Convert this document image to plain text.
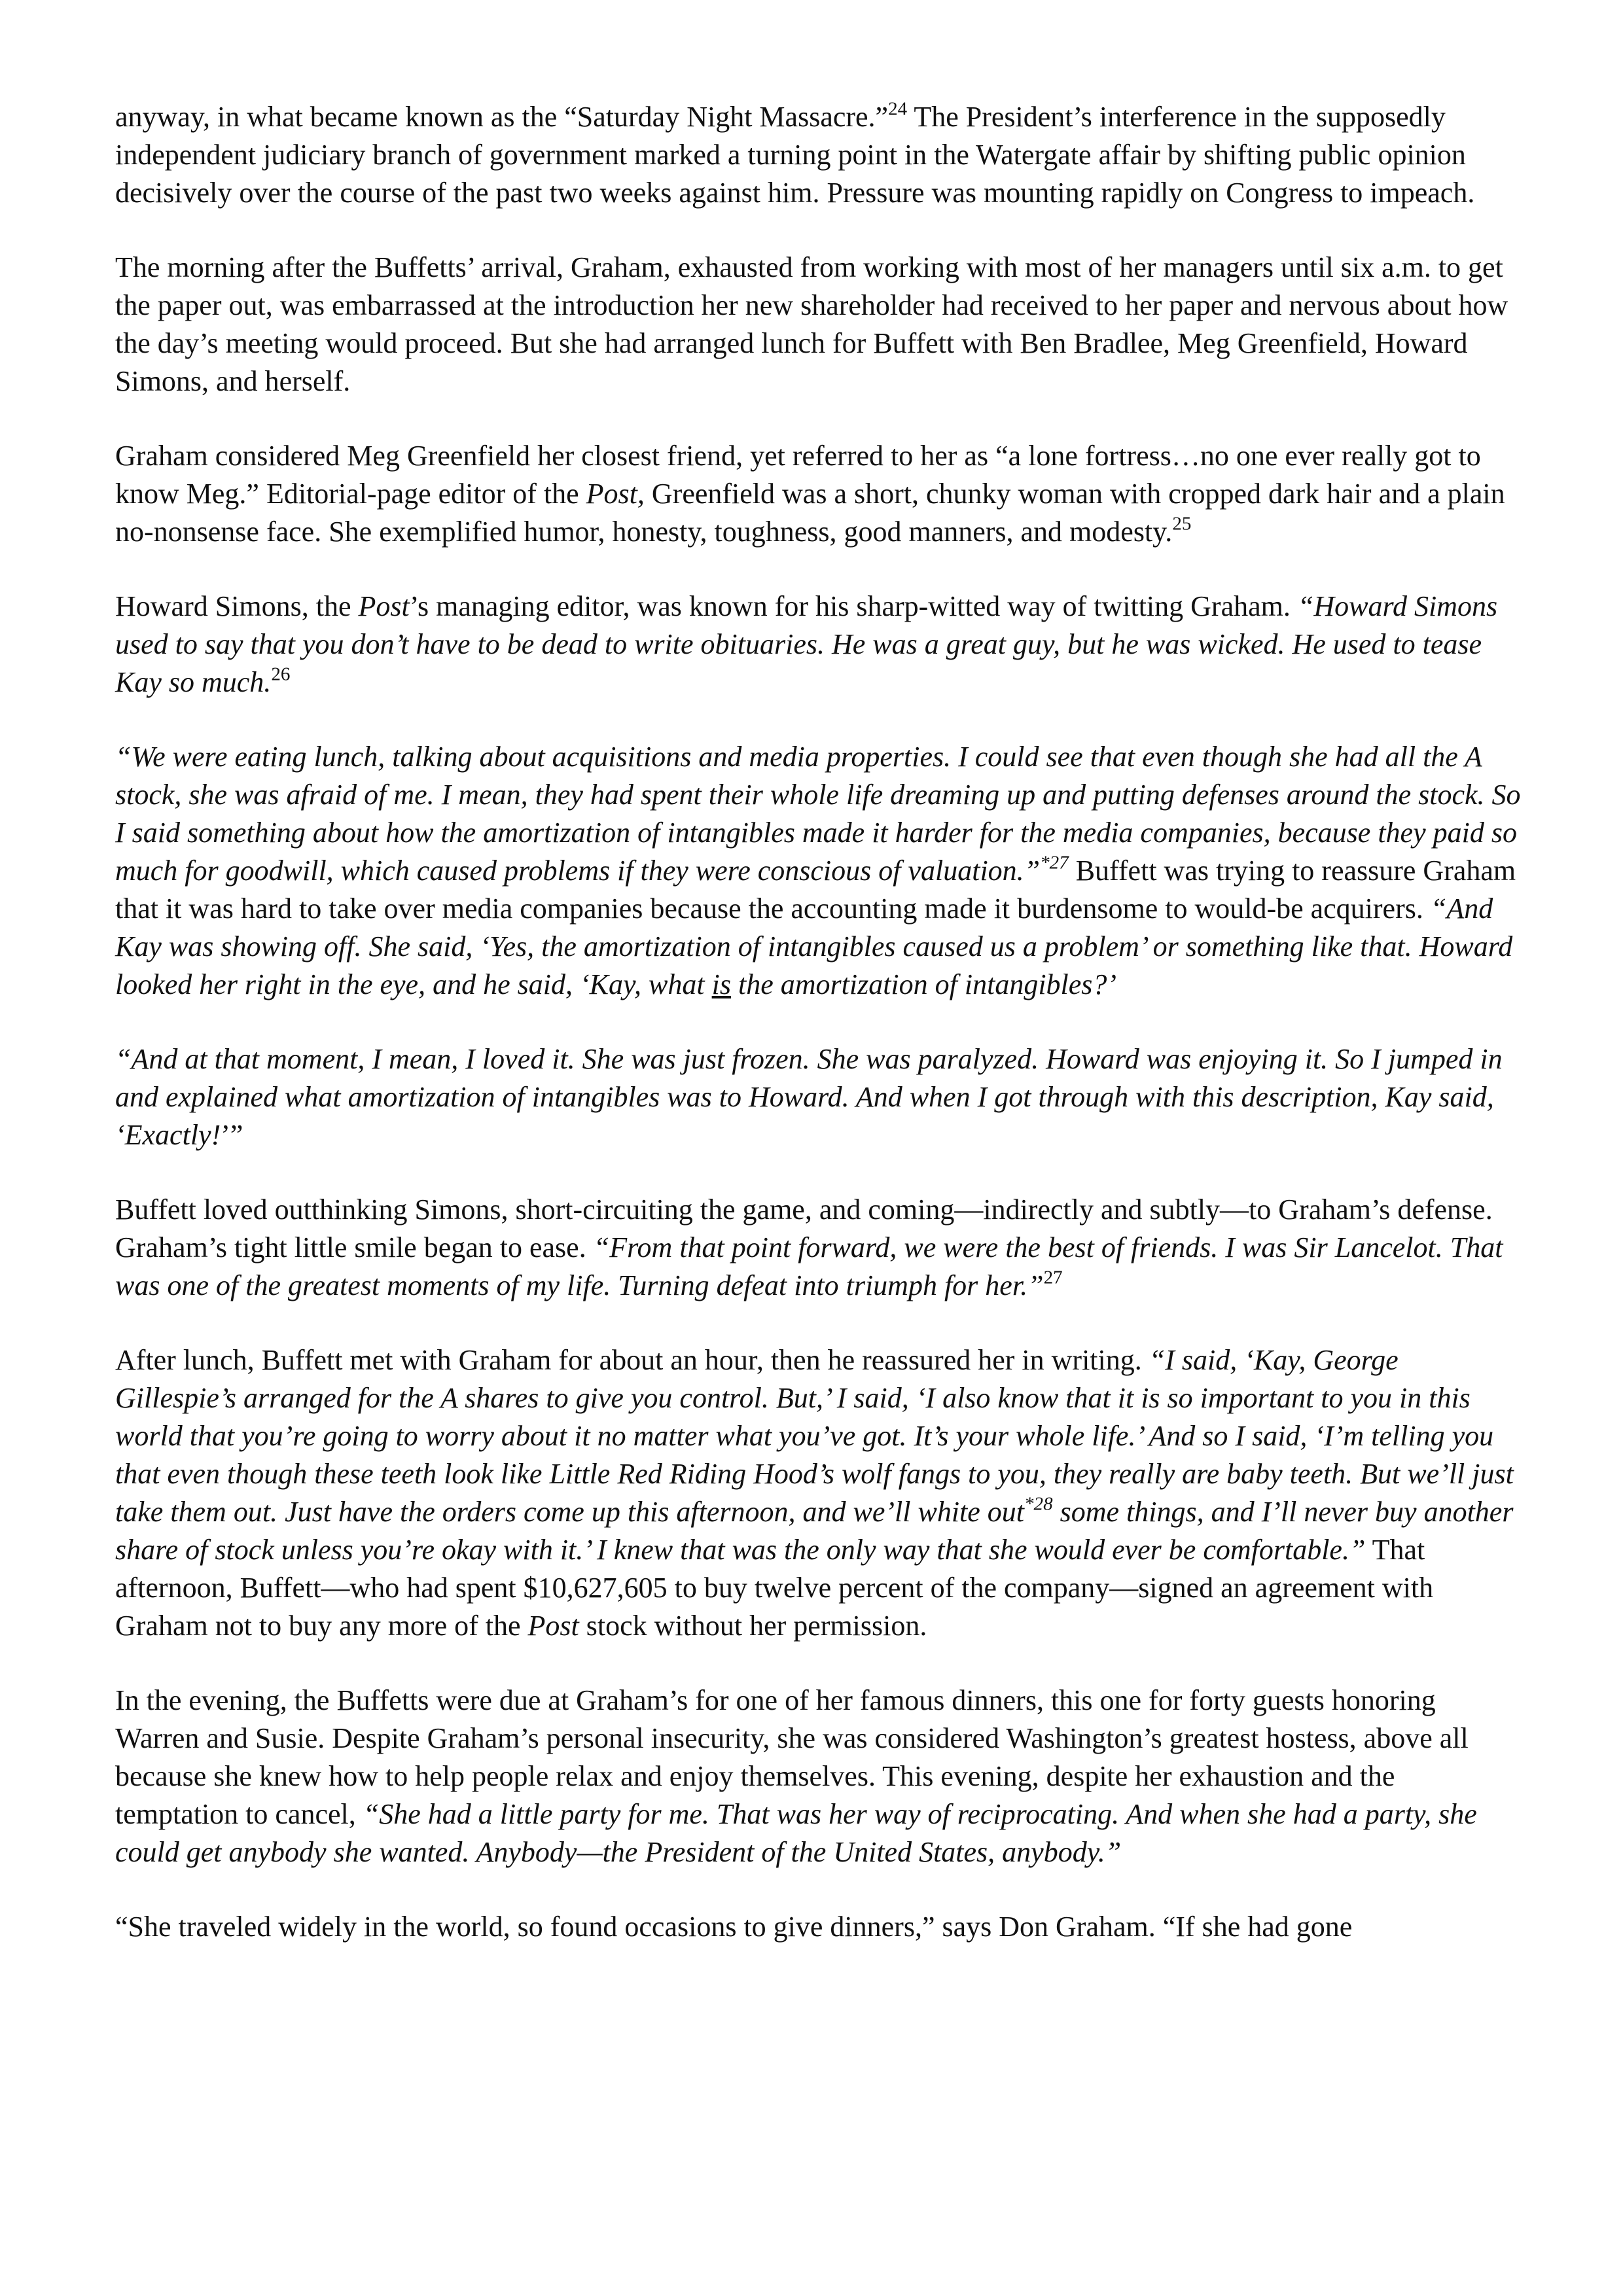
anyway, in what became known as the “Saturday Night Massacre.”$^{24}$ The President’s interference in the supposedly independent judiciary branch of government marked a turning point in the Watergate affair by shifting public opinion decisively over the course of the past two weeks against him. Pressure was mounting rapidly on Congress to impeach.

The morning after the Buffetts’ arrival, Graham, exhausted from working with most of her managers until six a.m. to get the paper out, was embarrassed at the introduction her new shareholder had received to her paper and nervous about how the day’s meeting would proceed. But she had arranged lunch for Buffett with Ben Bradlee, Meg Greenfield, Howard Simons, and herself.

Graham considered Meg Greenfield her closest friend, yet referred to her as “a lone fortress…no one ever really got to know Meg.” Editorial-page editor of the Post, Greenfield was a short, chunky woman with cropped dark hair and a plain no-nonsense face. She exemplified humor, honesty, toughness, good manners, and modesty.$^{25}$

Howard Simons, the Post’s managing editor, was known for his sharp-witted way of twitting Graham. “Howard Simons used to say that you don’t have to be dead to write obituaries. He was a great guy, but he was wicked. He used to tease Kay so much.$^{26}$

“We were eating lunch, talking about acquisitions and media properties. I could see that even though she had all the A stock, she was afraid of me. I mean, they had spent their whole life dreaming up and putting defenses around the stock. So I said something about how the amortization of intangibles made it harder for the media companies, because they paid so much for goodwill, which caused problems if they were conscious of valuation.”$^{*27}$ Buffett was trying to reassure Graham that it was hard to take over media companies because the accounting made it burdensome to would-be acquirers. “And Kay was showing off. She said, ‘Yes, the amortization of intangibles caused us a problem’ or something like that. Howard looked her right in the eye, and he said, ‘Kay, what is the amortization of intangibles?’

“And at that moment, I mean, I loved it. She was just frozen. She was paralyzed. Howard was enjoying it. So I jumped in and explained what amortization of intangibles was to Howard. And when I got through with this description, Kay said, ‘Exactly!’”

Buffett loved outthinking Simons, short-circuiting the game, and coming—indirectly and subtly—to Graham’s defense. Graham’s tight little smile began to ease. “From that point forward, we were the best of friends. I was Sir Lancelot. That was one of the greatest moments of my life. Turning defeat into triumph for her.”$^{27}$

After lunch, Buffett met with Graham for about an hour, then he reassured her in writing. “I said, ‘Kay, George Gillespie’s arranged for the A shares to give you control. But,’ I said, ‘I also know that it is so important to you in this world that you’re going to worry about it no matter what you’ve got. It’s your whole life.’ And so I said, ‘I’m telling you that even though these teeth look like Little Red Riding Hood’s wolf fangs to you, they really are baby teeth. But we’ll just take them out. Just have the orders come up this afternoon, and we’ll white out$^{*28}$ some things, and I’ll never buy another share of stock unless you’re okay with it.’ I knew that was the only way that she would ever be comfortable.” That afternoon, Buffett—who had spent $10,627,605 to buy twelve percent of the company—signed an agreement with Graham not to buy any more of the Post stock without her permission.

In the evening, the Buffetts were due at Graham’s for one of her famous dinners, this one for forty guests honoring Warren and Susie. Despite Graham’s personal insecurity, she was considered Washington’s greatest hostess, above all because she knew how to help people relax and enjoy themselves. This evening, despite her exhaustion and the temptation to cancel, “She had a little party for me. That was her way of reciprocating. And when she had a party, she could get anybody she wanted. Anybody—the President of the United States, anybody.”

“She traveled widely in the world, so found occasions to give dinners,” says Don Graham. “If she had gone
